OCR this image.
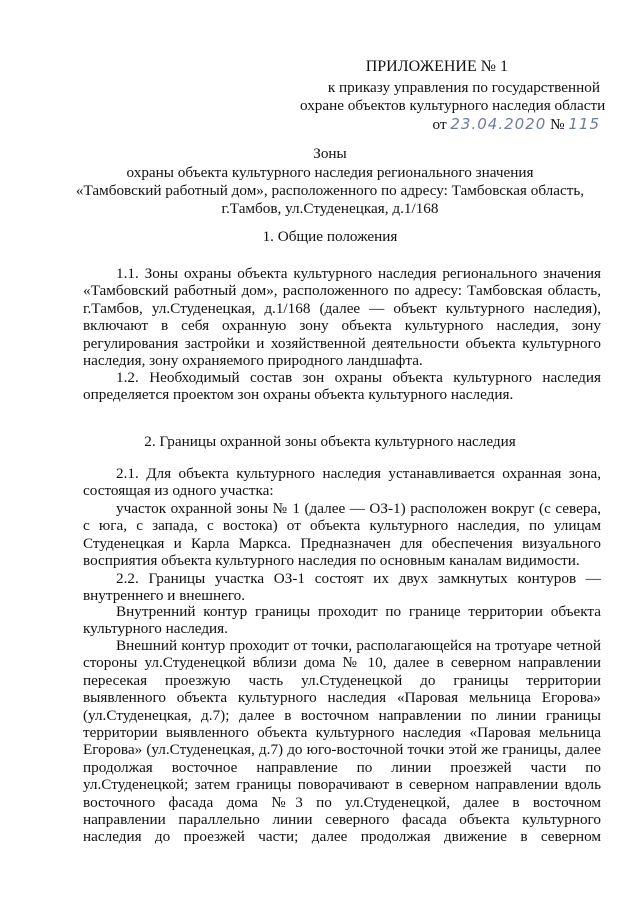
ПРИЛОЖЕНИЕ № 1
к приказу управления по государственной
охране объектов культурного наследия области
от 23.04.2020 № 115
Зоны
охраны объекта культурного наследия регионального значения
«Тамбовский работный дом», расположенного по адресу: Тамбовская область,
г.Тамбов, ул.Студенецкая, д.1/168
1. Общие положения
1.1. Зоны охраны объекта культурного наследия регионального значения «Тамбовский работный дом», расположенного по адресу: Тамбовская область, г.Тамбов, ул.Студенецкая, д.1/168 (далее — объект культурного наследия), включают в себя охранную зону объекта культурного наследия, зону регулирования застройки и хозяйственной деятельности объекта культурного наследия, зону охраняемого природного ландшафта.
1.2. Необходимый состав зон охраны объекта культурного наследия определяется проектом зон охраны объекта культурного наследия.
2. Границы охранной зоны объекта культурного наследия
2.1. Для объекта культурного наследия устанавливается охранная зона, состоящая из одного участка:
участок охранной зоны № 1 (далее — ОЗ-1) расположен вокруг (с севера, с юга, с запада, с востока) от объекта культурного наследия, по улицам Студенецкая и Карла Маркса. Предназначен для обеспечения визуального восприятия объекта культурного наследия по основным каналам видимости.
2.2. Границы участка ОЗ-1 состоят их двух замкнутых контуров — внутреннего и внешнего.
Внутренний контур границы проходит по границе территории объекта культурного наследия.
Внешний контур проходит от точки, располагающейся на тротуаре четной стороны ул.Студенецкой вблизи дома № 10, далее в северном направлении пересекая проезжую часть ул.Студенецкой до границы территории выявленного объекта культурного наследия «Паровая мельница Егорова» (ул.Студенецкая, д.7); далее в восточном направлении по линии границы территории выявленного объекта культурного наследия «Паровая мельница Егорова» (ул.Студенецкая, д.7) до юго-восточной точки этой же границы, далее продолжая восточное направление по линии проезжей части по ул.Студенецкой; затем границы поворачивают в северном направлении вдоль восточного фасада дома №3 по ул.Студенецкой, далее в восточном направлении параллельно линии северного фасада объекта культурного наследия до проезжей части; далее продолжая движение в северном
